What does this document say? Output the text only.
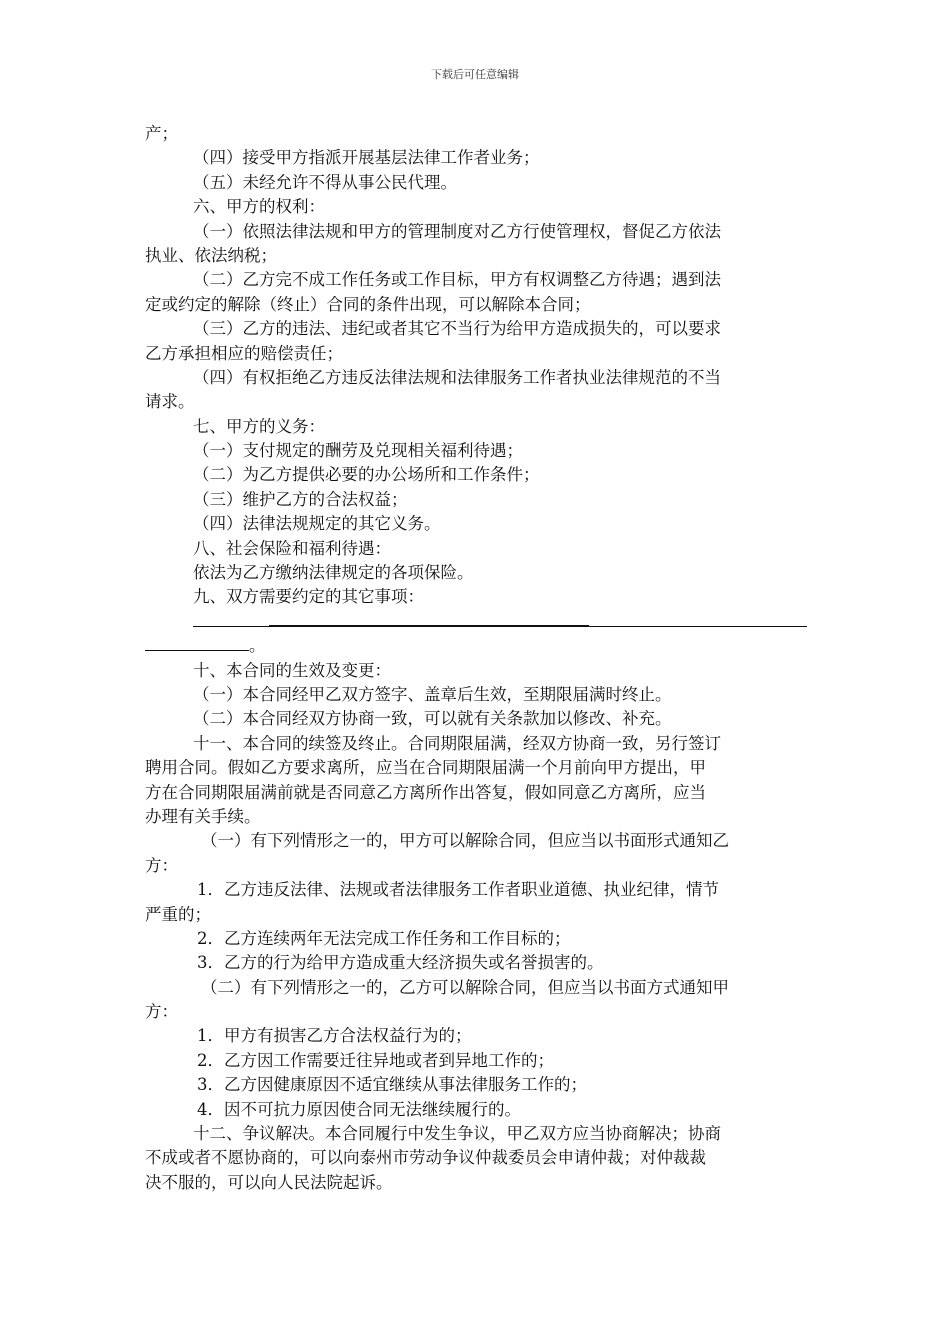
下载后可任意编辑
产；
（四）接受甲方指派开展基层法律工作者业务；
（五）未经允许不得从事公民代理。
六、甲方的权利：
（一）依照法律法规和甲方的管理制度对乙方行使管理权，督促乙方依法
执业、依法纳税；
（二）乙方完不成工作任务或工作目标，甲方有权调整乙方待遇；遇到法
定或约定的解除（终止）合同的条件出现，可以解除本合同；
（三）乙方的违法、违纪或者其它不当行为给甲方造成损失的，可以要求
乙方承担相应的赔偿责任；
（四）有权拒绝乙方违反法律法规和法律服务工作者执业法律规范的不当
请求。
七、甲方的义务：
（一）支付规定的酬劳及兑现相关福利待遇；
（二）为乙方提供必要的办公场所和工作条件；
（三）维护乙方的合法权益；
（四）法律法规规定的其它义务。
八、社会保险和福利待遇：
依法为乙方缴纳法律规定的各项保险。
九、双方需要约定的其它事项：
。
十、本合同的生效及变更：
（一）本合同经甲乙双方签字、盖章后生效，至期限届满时终止。
（二）本合同经双方协商一致，可以就有关条款加以修改、补充。
十一、本合同的续签及终止。合同期限届满，经双方协商一致，另行签订
聘用合同。假如乙方要求离所，应当在合同期限届满一个月前向甲方提出，甲
方在合同期限届满前就是否同意乙方离所作出答复，假如同意乙方离所，应当
办理有关手续。
（一）有下列情形之一的，甲方可以解除合同，但应当以书面形式通知乙
方：
1．乙方违反法律、法规或者法律服务工作者职业道德、执业纪律，情节
严重的；
2．乙方连续两年无法完成工作任务和工作目标的；
3．乙方的行为给甲方造成重大经济损失或名誉损害的。
（二）有下列情形之一的，乙方可以解除合同，但应当以书面方式通知甲
方：
1．甲方有损害乙方合法权益行为的；
2．乙方因工作需要迁往异地或者到异地工作的；
3．乙方因健康原因不适宜继续从事法律服务工作的；
4．因不可抗力原因使合同无法继续履行的。
十二、争议解决。本合同履行中发生争议，甲乙双方应当协商解决；协商
不成或者不愿协商的，可以向泰州市劳动争议仲裁委员会申请仲裁；对仲裁裁
决不服的，可以向人民法院起诉。
